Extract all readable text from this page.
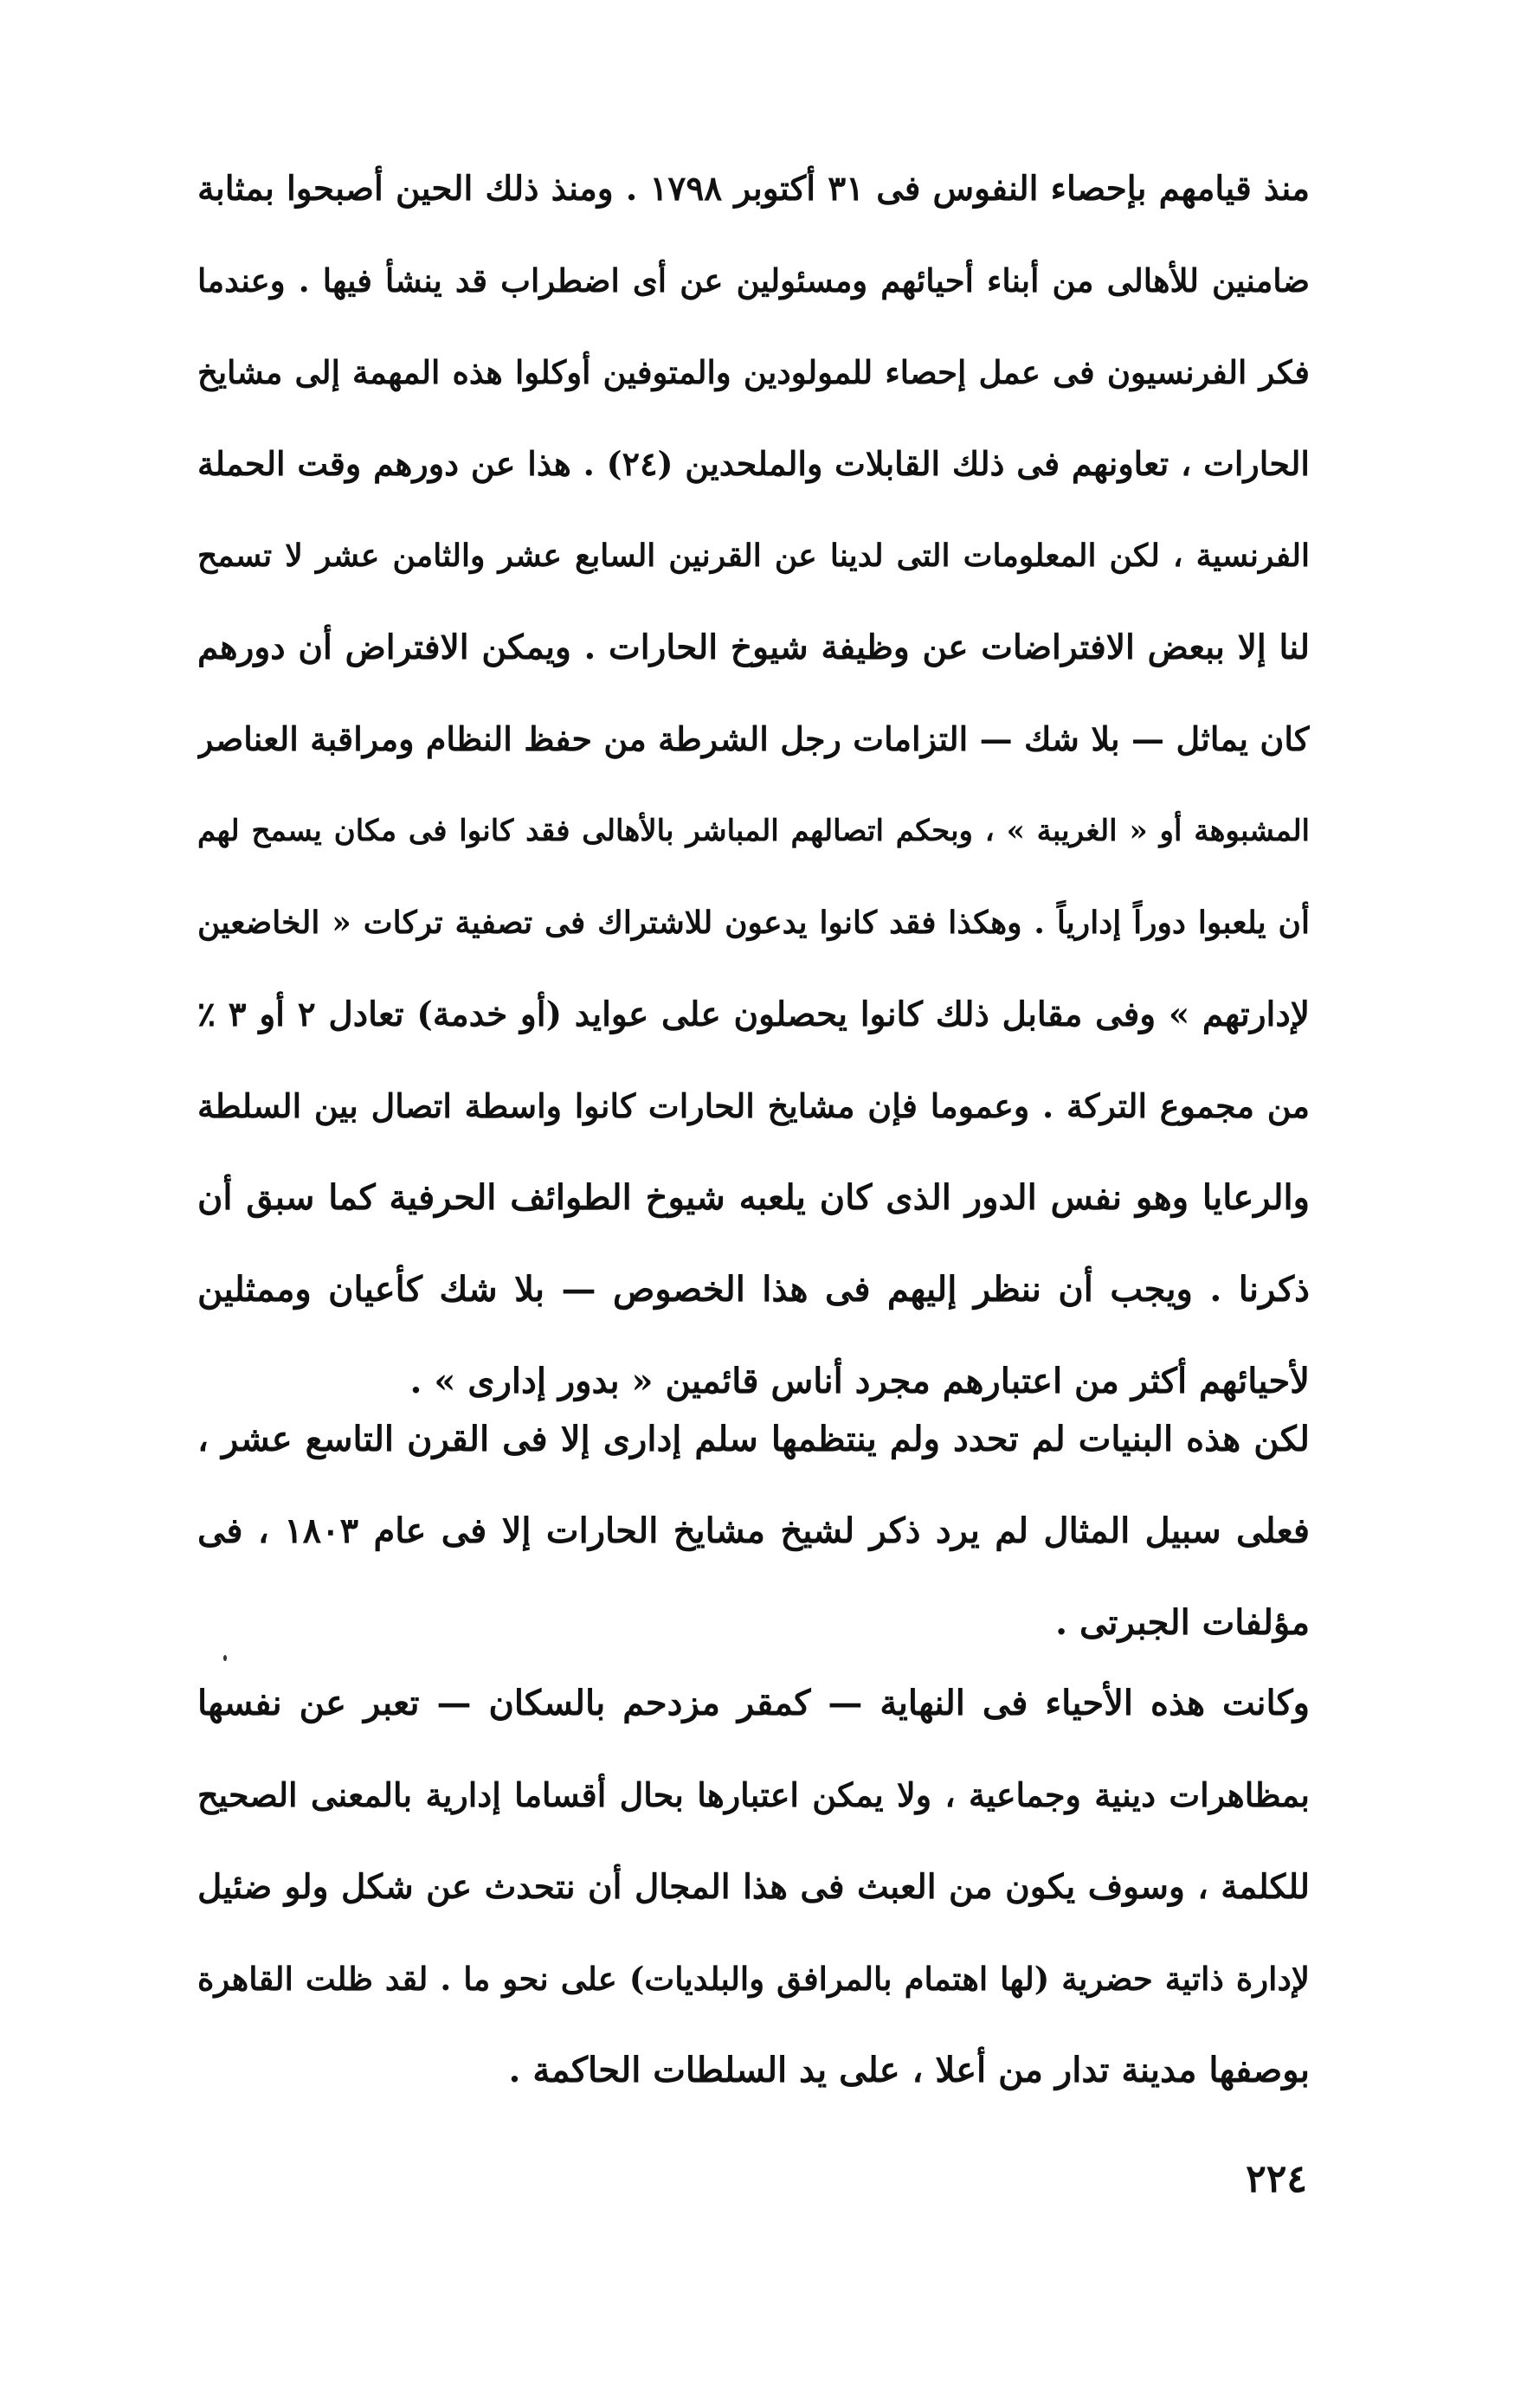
منذ قيامهم بإحصاء النفوس فى ٣١ أكتوبر ١٧٩٨ . ومنذ ذلك الحين أصبحوا بمثابة
ضامنين للأهالى من أبناء أحيائهم ومسئولين عن أى اضطراب قد ينشأ فيها . وعندما
فكر الفرنسيون فى عمل إحصاء للمولودين والمتوفين أوكلوا هذه المهمة إلى مشايخ
الحارات ، تعاونهم فى ذلك القابلات والملحدين (٢٤) . هذا عن دورهم وقت الحملة
الفرنسية ، لكن المعلومات التى لدينا عن القرنين السابع عشر والثامن عشر لا تسمح
لنا إلا ببعض الافتراضات عن وظيفة شيوخ الحارات . ويمكن الافتراض أن دورهم
كان يماثل — بلا شك — التزامات رجل الشرطة من حفظ النظام ومراقبة العناصر
المشبوهة أو « الغريبة » ، وبحكم اتصالهم المباشر بالأهالى فقد كانوا فى مكان يسمح لهم
أن يلعبوا دوراً إدارياً . وهكذا فقد كانوا يدعون للاشتراك فى تصفية تركات « الخاضعين
لإدارتهم » وفى مقابل ذلك كانوا يحصلون على عوايد (أو خدمة) تعادل ٢ أو ٣ ٪
من مجموع التركة . وعموما فإن مشايخ الحارات كانوا واسطة اتصال بين السلطة
والرعايا وهو نفس الدور الذى كان يلعبه شيوخ الطوائف الحرفية كما سبق أن
ذكرنا . ويجب أن ننظر إليهم فى هذا الخصوص — بلا شك كأعيان وممثلين
لأحيائهم أكثر من اعتبارهم مجرد أناس قائمين « بدور إدارى » .
لكن هذه البنيات لم تحدد ولم ينتظمها سلم إدارى إلا فى القرن التاسع عشر ،
فعلى سبيل المثال لم يرد ذكر لشيخ مشايخ الحارات إلا فى عام ١٨٠٣ ، فى
مؤلفات الجبرتى .
وكانت هذه الأحياء فى النهاية — كمقر مزدحم بالسكان — تعبر عن نفسها
بمظاهرات دينية وجماعية ، ولا يمكن اعتبارها بحال أقساما إدارية بالمعنى الصحيح
للكلمة ، وسوف يكون من العبث فى هذا المجال أن نتحدث عن شكل ولو ضئيل
لإدارة ذاتية حضرية (لها اهتمام بالمرافق والبلديات) على نحو ما . لقد ظلت القاهرة
بوصفها مدينة تدار من أعلا ، على يد السلطات الحاكمة .
٢٢٤
